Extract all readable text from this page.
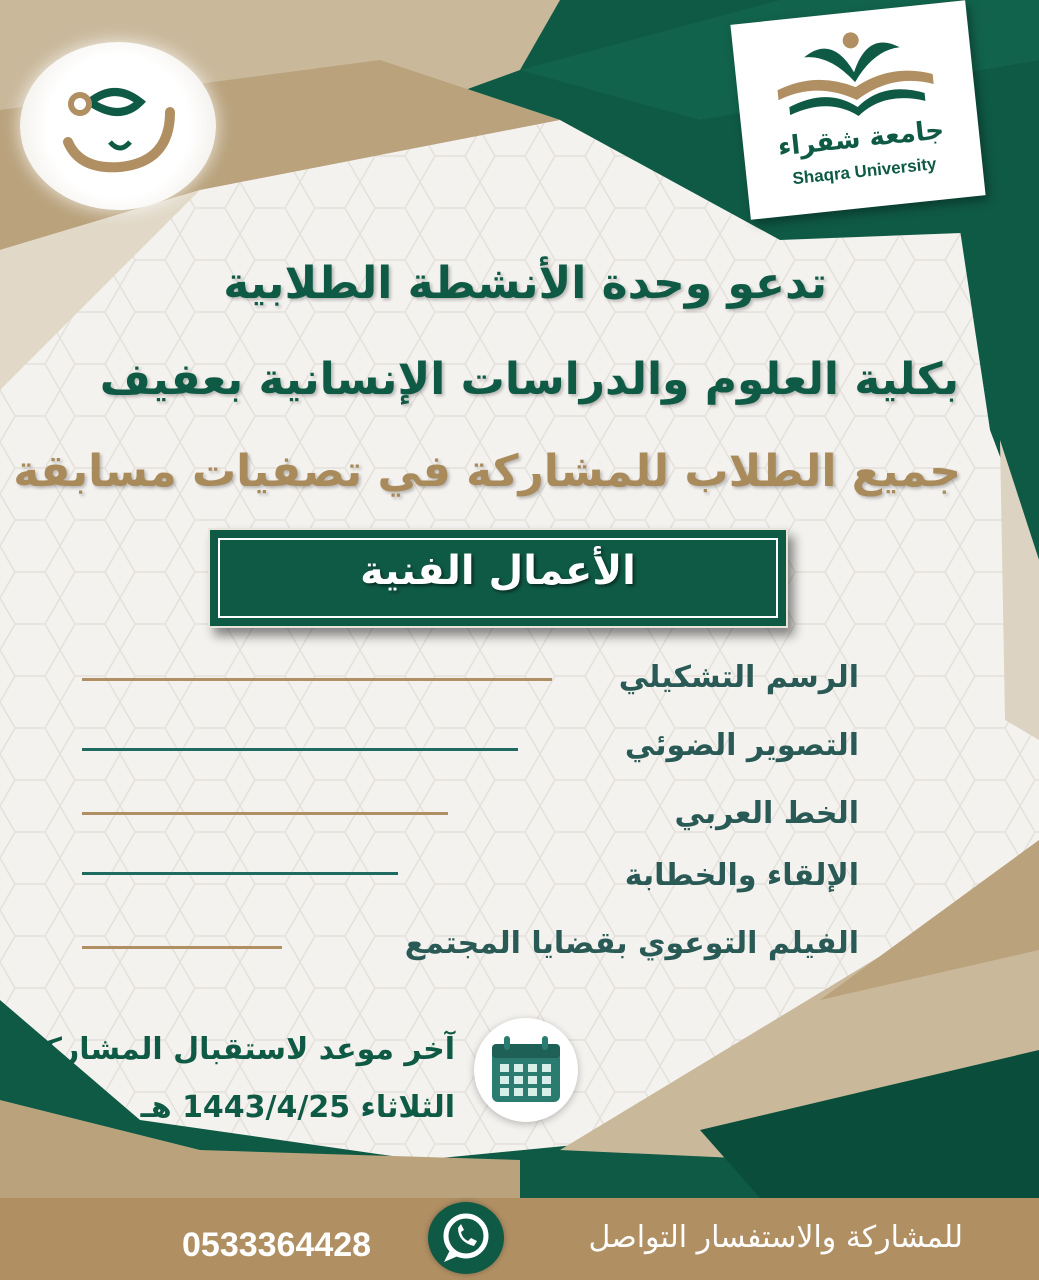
جامعة شقراء
Shaqra University
تدعو وحدة الأنشطة الطلابية
بكلية العلوم والدراسات الإنسانية بعفيف
جميع الطلاب للمشاركة في تصفيات مسابقة
الأعمال الفنية
الرسم التشكيلي
التصوير الضوئي
الخط العربي
الإلقاء والخطابة
الفيلم التوعوي بقضايا المجتمع
آخر موعد لاستقبال المشاركات
الثلاثاء 1443/4/25 هـ
للمشاركة والاستفسار التواصل
0533364428
